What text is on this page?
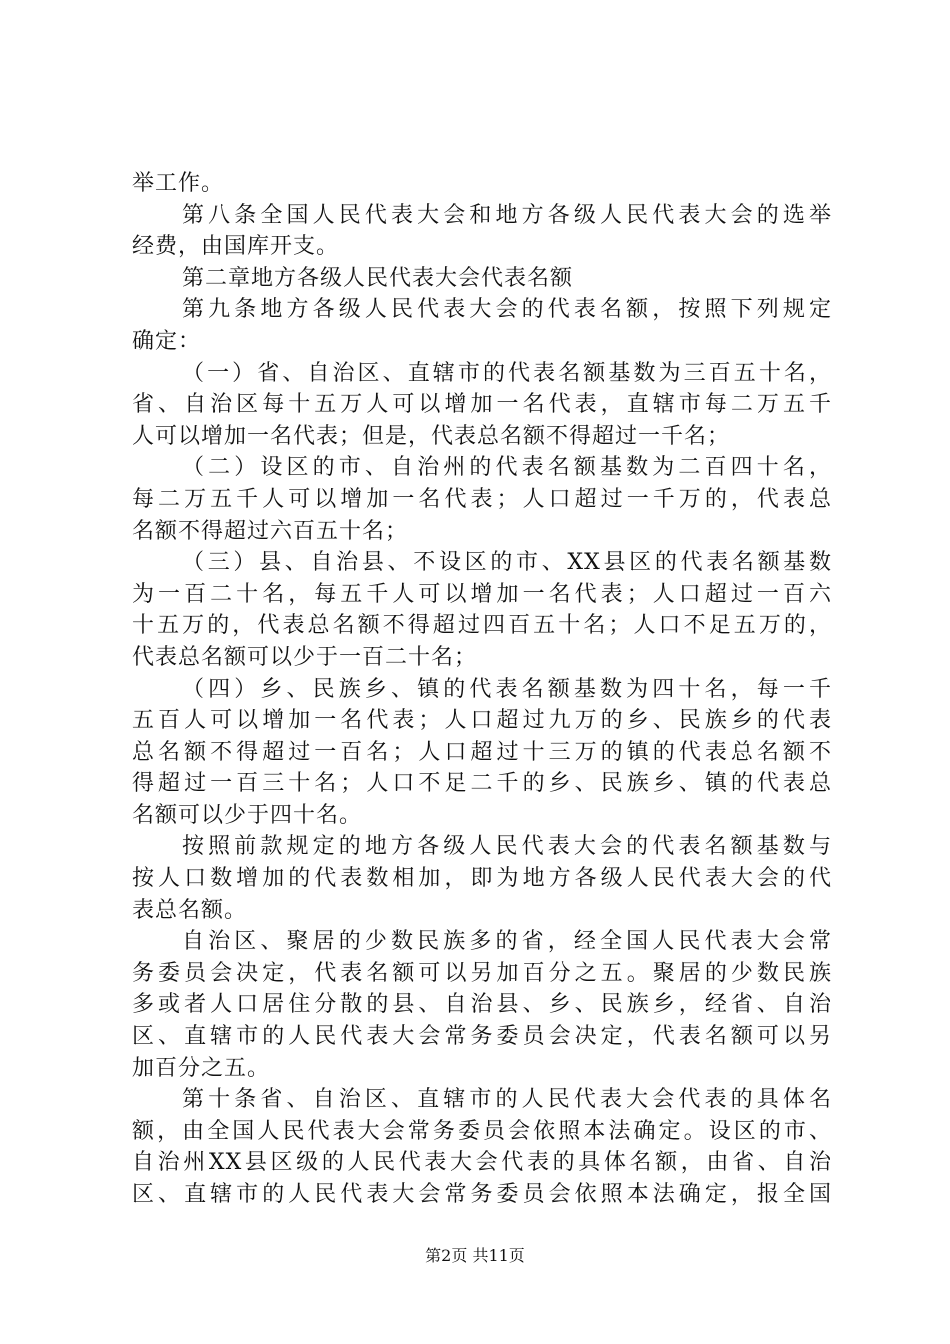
举工作。
第八条全国人民代表大会和地方各级人民代表大会的选举
经费，由国库开支。
第二章地方各级人民代表大会代表名额
第九条地方各级人民代表大会的代表名额，按照下列规定
确定：
（一）省、自治区、直辖市的代表名额基数为三百五十名，
省、自治区每十五万人可以增加一名代表，直辖市每二万五千
人可以增加一名代表；但是，代表总名额不得超过一千名；
（二）设区的市、自治州的代表名额基数为二百四十名，
每二万五千人可以增加一名代表；人口超过一千万的，代表总
名额不得超过六百五十名；
（三）县、自治县、不设区的市、XX县区的代表名额基数
为一百二十名，每五千人可以增加一名代表；人口超过一百六
十五万的，代表总名额不得超过四百五十名；人口不足五万的，
代表总名额可以少于一百二十名；
（四）乡、民族乡、镇的代表名额基数为四十名，每一千
五百人可以增加一名代表；人口超过九万的乡、民族乡的代表
总名额不得超过一百名；人口超过十三万的镇的代表总名额不
得超过一百三十名；人口不足二千的乡、民族乡、镇的代表总
名额可以少于四十名。
按照前款规定的地方各级人民代表大会的代表名额基数与
按人口数增加的代表数相加，即为地方各级人民代表大会的代
表总名额。
自治区、聚居的少数民族多的省，经全国人民代表大会常
务委员会决定，代表名额可以另加百分之五。聚居的少数民族
多或者人口居住分散的县、自治县、乡、民族乡，经省、自治
区、直辖市的人民代表大会常务委员会决定，代表名额可以另
加百分之五。
第十条省、自治区、直辖市的人民代表大会代表的具体名
额，由全国人民代表大会常务委员会依照本法确定。设区的市、
自治州XX县区级的人民代表大会代表的具体名额，由省、自治
区、直辖市的人民代表大会常务委员会依照本法确定，报全国
第2页 共11页
